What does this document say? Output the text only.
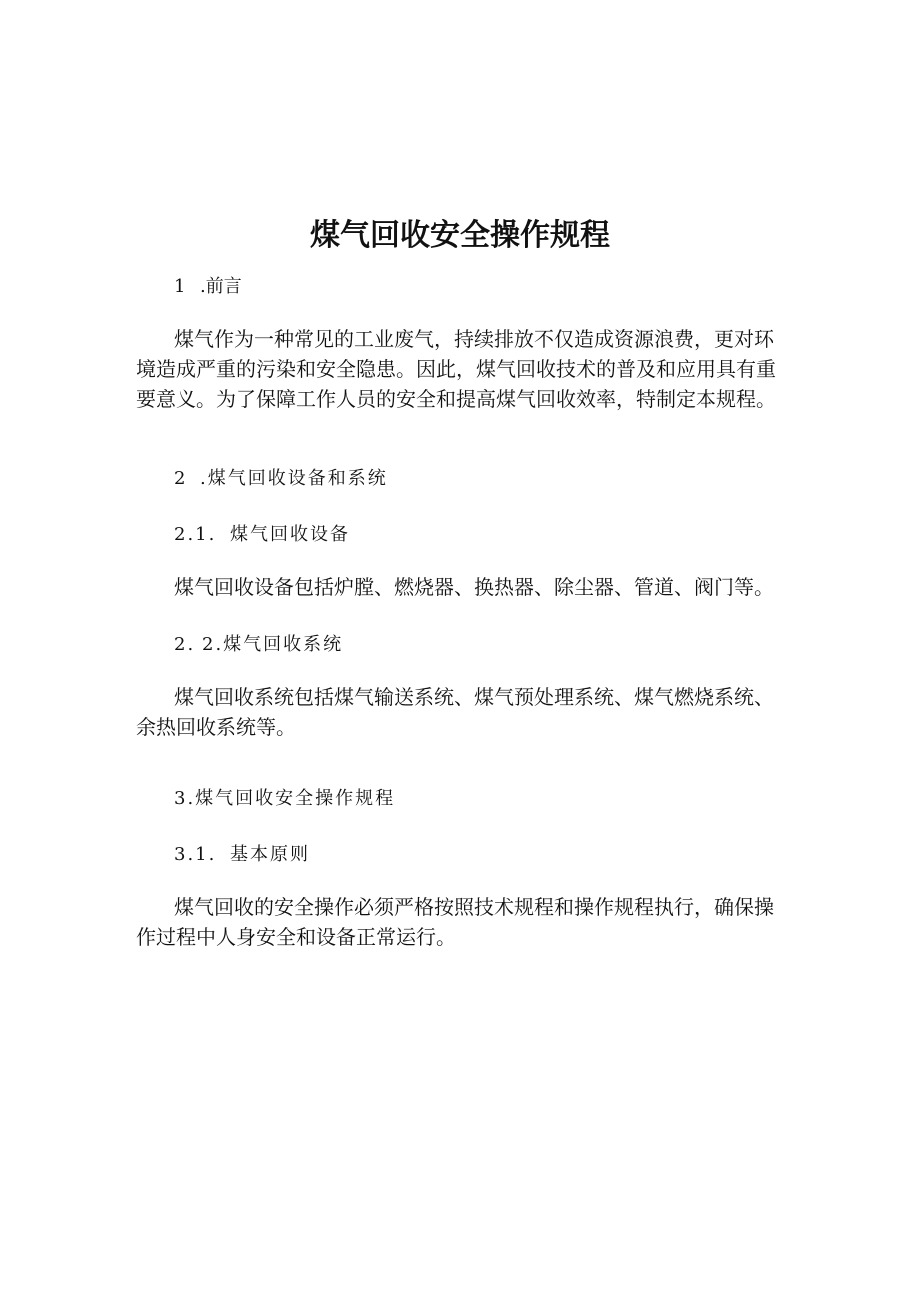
煤气回收安全操作规程
1 .前言
煤气作为一种常见的工业废气，持续排放不仅造成资源浪费，更对环
境造成严重的污染和安全隐患。因此，煤气回收技术的普及和应用具有重
要意义。为了保障工作人员的安全和提高煤气回收效率，特制定本规程。
2 .煤气回收设备和系统
2.1. 煤气回收设备
煤气回收设备包括炉膛、燃烧器、换热器、除尘器、管道、阀门等。
2. 2.煤气回收系统
煤气回收系统包括煤气输送系统、煤气预处理系统、煤气燃烧系统、
余热回收系统等。
3.煤气回收安全操作规程
3.1. 基本原则
煤气回收的安全操作必须严格按照技术规程和操作规程执行，确保操
作过程中人身安全和设备正常运行。
